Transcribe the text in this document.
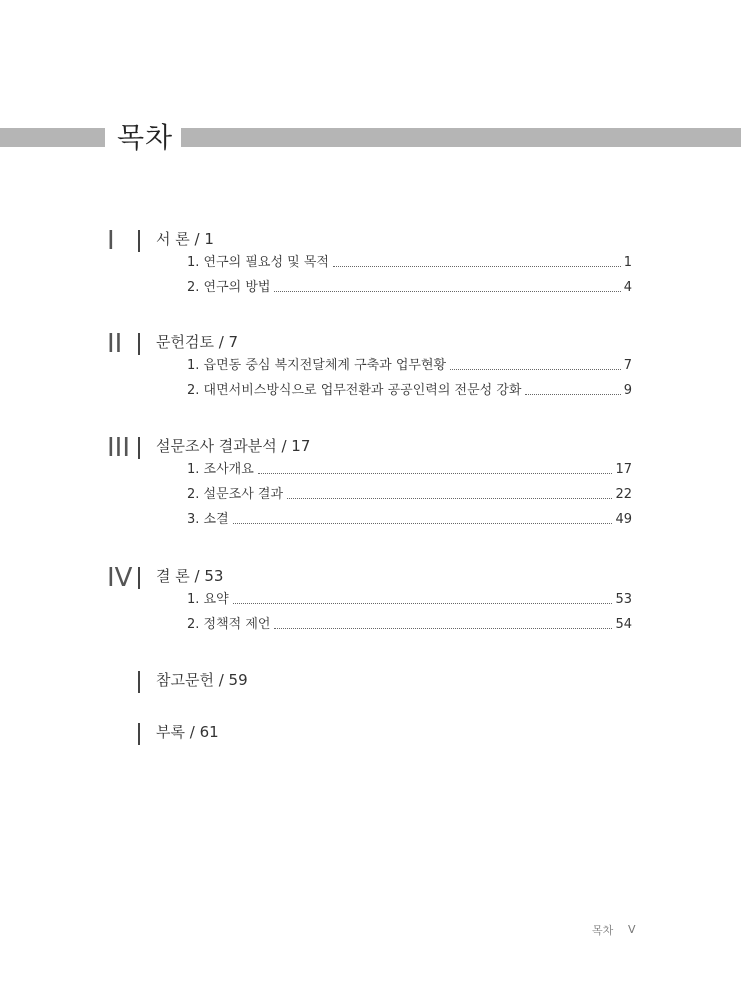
목차
I	서 론 / 1
1. 연구의 필요성 및 목적	1
2. 연구의 방법	4
II 문헌검토 / 7
1. 읍면동 중심 복지전달체계 구축과 업무현황	7
2. 대면서비스방식으로 업무전환과 공공인력의 전문성 강화	9
III 설문조사 결과분석 / 17
1. 조사개요	17
2. 설문조사 결과	22
3. 소결	49
IV 결 론 / 53
1. 요약	53
2. 정책적 제언	54
참고문헌 / 59
부록 / 61
목차 V
